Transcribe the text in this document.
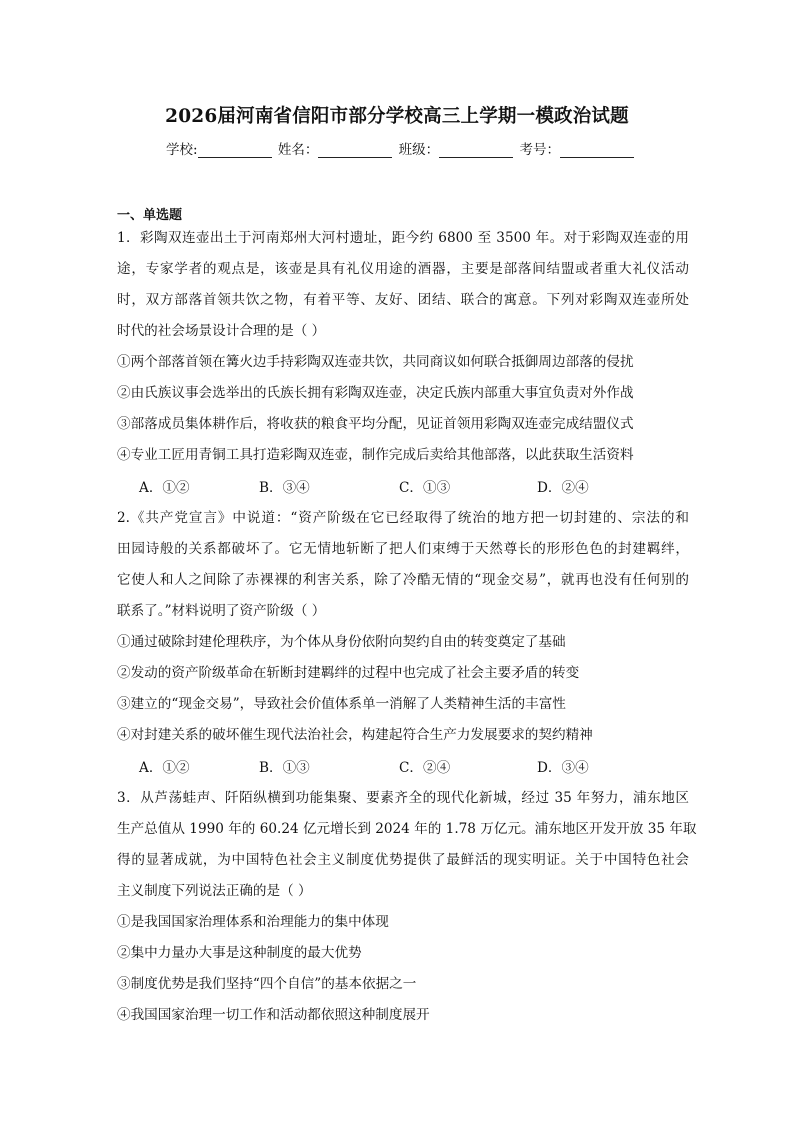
2026届河南省信阳市部分学校高三上学期一模政治试题
学校:	姓名：	班级：	考号：
一、单选题
1．彩陶双连壶出土于河南郑州大河村遗址，距今约 6800 至 3500 年。对于彩陶双连壶的用
途，专家学者的观点是，该壶是具有礼仪用途的酒器，主要是部落间结盟或者重大礼仪活动
时，双方部落首领共饮之物，有着平等、友好、团结、联合的寓意。下列对彩陶双连壶所处
时代的社会场景设计合理的是（ ）
①两个部落首领在篝火边手持彩陶双连壶共饮，共同商议如何联合抵御周边部落的侵扰
②由氏族议事会选举出的氏族长拥有彩陶双连壶，决定氏族内部重大事宜负责对外作战
③部落成员集体耕作后，将收获的粮食平均分配，见证首领用彩陶双连壶完成结盟仪式
④专业工匠用青铜工具打造彩陶双连壶，制作完成后卖给其他部落，以此获取生活资料
A．①②	B．③④	C．①③	D．②④
2.《共产党宣言》中说道：“资产阶级在它已经取得了统治的地方把一切封建的、宗法的和
田园诗般的关系都破坏了。它无情地斩断了把人们束缚于天然尊长的形形色色的封建羁绊，
它使人和人之间除了赤裸裸的利害关系，除了冷酷无情的“现金交易”，就再也没有任何别的
联系了。”材料说明了资产阶级（ ）
①通过破除封建伦理秩序，为个体从身份依附向契约自由的转变奠定了基础
②发动的资产阶级革命在斩断封建羁绊的过程中也完成了社会主要矛盾的转变
③建立的“现金交易”，导致社会价值体系单一消解了人类精神生活的丰富性
④对封建关系的破坏催生现代法治社会，构建起符合生产力发展要求的契约精神
A．①②	B．①③	C．②④	D．③④
3．从芦荡蛙声、阡陌纵横到功能集聚、要素齐全的现代化新城，经过 35 年努力，浦东地区
生产总值从 1990 年的 60.24 亿元增长到 2024 年的 1.78 万亿元。浦东地区开发开放 35 年取
得的显著成就，为中国特色社会主义制度优势提供了最鲜活的现实明证。关于中国特色社会
主义制度下列说法正确的是（ ）
①是我国国家治理体系和治理能力的集中体现
②集中力量办大事是这种制度的最大优势
③制度优势是我们坚持“四个自信”的基本依据之一
④我国国家治理一切工作和活动都依照这种制度展开
